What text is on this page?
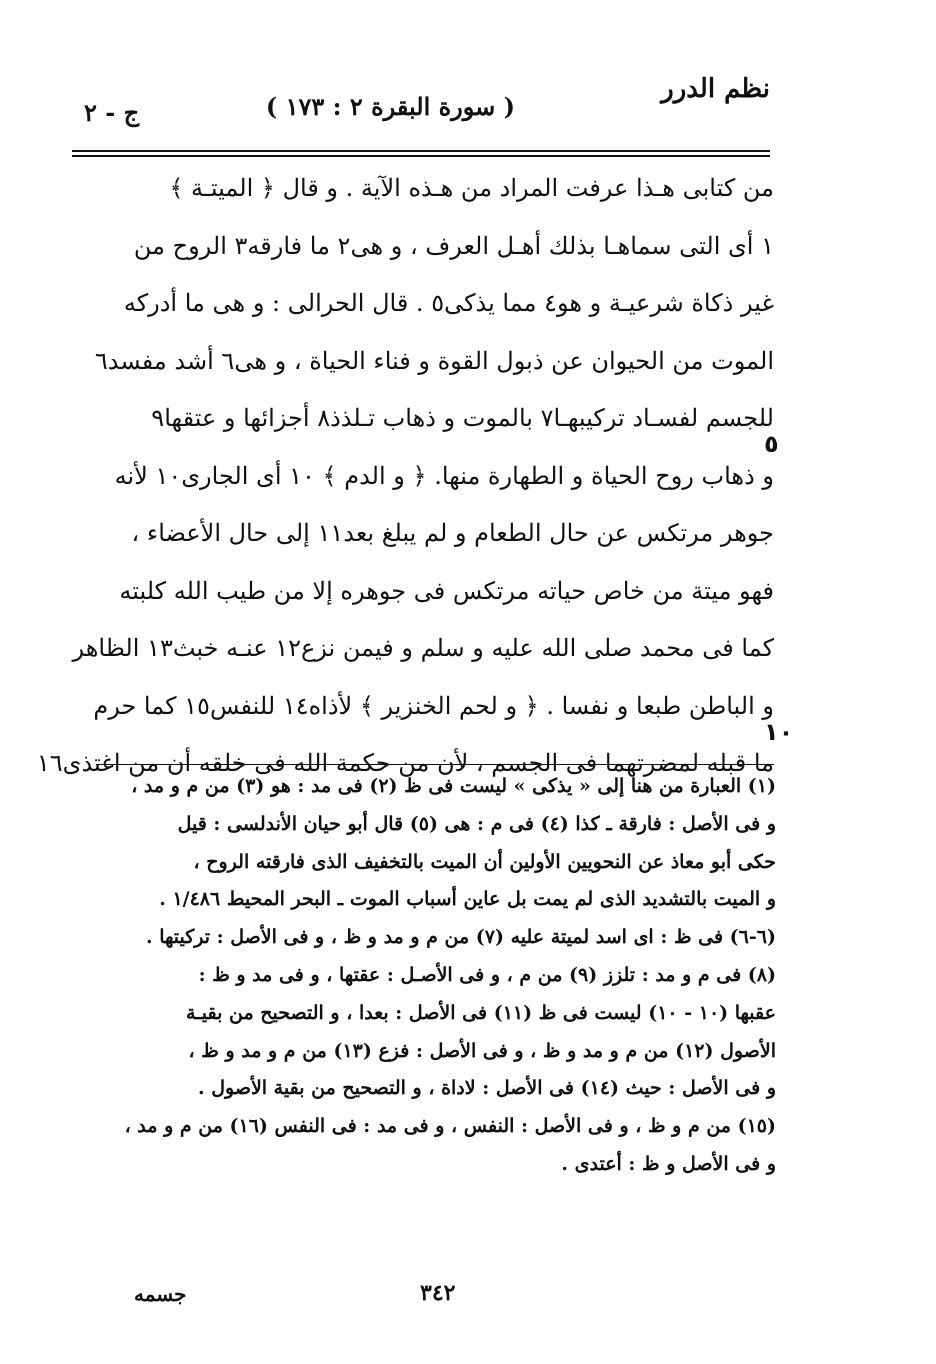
نظم الدرر
( سورة البقرة ٢ : ١٧٣ )
ج - ٢
من كتابى هـذا عرفت المراد من هـذه الآية . و قال ﴿ الميتـة ﴾
١ أى التى سماهـا بذلك أهـل العرف ، و هى٢ ما فارقه٣ الروح من
غير ذكاة شرعيـة و هو٤ مما يذكى٥ . قال الحرالى : و هى ما أدركه
الموت من الحيوان عن ذبول القوة و فناء الحياة ، و هى٦ أشد مفسد٦
للجسم لفسـاد تركيبهـا٧ بالموت و ذهاب تـلذذ٨ أجزائها و عتقها٩
و ذهاب روح الحياة و الطهارة منها. ﴿ و الدم ﴾ ١٠ أى الجارى١٠ لأنه
جوهر مرتكس عن حال الطعام و لم يبلغ بعد١١ إلى حال الأعضاء ،
فهو ميتة من خاص حياته مرتكس فى جوهره إلا من طيب الله كلبته
كما فى محمد صلى الله عليه و سلم و فيمن نزع١٢ عنـه خبث١٣ الظاهر
و الباطن طبعا و نفسا . ﴿ و لحم الخنزير ﴾ لأذاه١٤ للنفس١٥ كما حرم
ما قبله لمضرتهما فى الجسم ، لأن من حكمة الله فى خلقه أن من اغتذى١٦
٥
١٠
(١) العبارة من هنا إلى « يذكى » ليست فى ظ (٢) فى مد : هو (٣) من م و مد ،
و فى الأصل : فارقة ـ كذا (٤) فى م : هى (٥) قال أبو حيان الأندلسى : قيل
حكى أبو معاذ عن النحويين الأولين أن الميت بالتخفيف الذى فارقته الروح ،
و الميت بالتشديد الذى لم يمت بل عاين أسباب الموت ـ البحر المحيط ١/٤٨٦ .
(٦-٦) فى ظ : اى اسد لميتة عليه (٧) من م و مد و ظ ، و فى الأصل : تركيتها .
(٨) فى م و مد : تلزز (٩) من م ، و فى الأصـل : عقتها ، و فى مد و ظ :
عقبها (١٠ - ١٠) ليست فى ظ (١١) فى الأصل : بعدا ، و التصحيح من بقيـة
الأصول (١٢) من م و مد و ظ ، و فى الأصل : فزع (١٣) من م و مد و ظ ،
و فى الأصل : حيث (١٤) فى الأصل : لاداة ، و التصحيح من بقية الأصول .
(١٥) من م و ظ ، و فى الأصل : النفس ، و فى مد : فى النفس (١٦) من م و مد ،
و فى الأصل و ظ : أعتدى .
٣٤٢
جسمه
